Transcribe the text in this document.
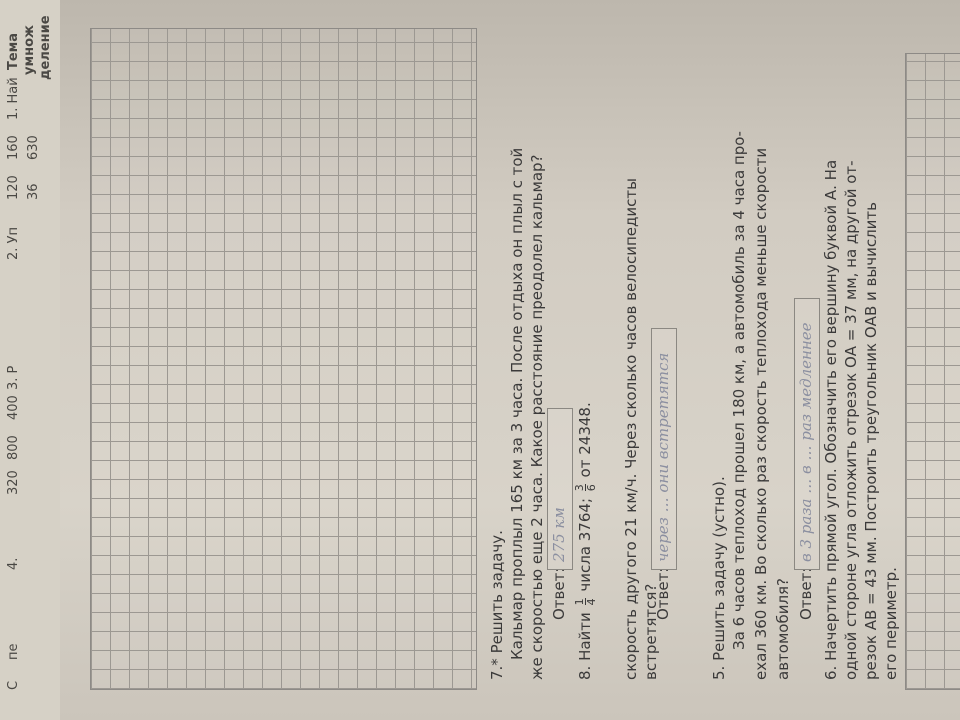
Тема умнож деление
1. Най
160 630
120 36
2. Уп
3. Р
400
800
320
4.
пе
С
скорость другого 21 км/ч. Через сколько часов велосипедисты встретятся?
Ответ:
через … они встретятся
5. Решить задачу (устно). За 6 часов теплоход прошел 180 км, а автомобиль за 4 часа про- ехал 360 км. Во сколько раз скорость теплохода меньше скорости автомобиля? Ответ:
в 3 раза … в … раз медленнее 6. Начертить прямой угол. Обозначить его вершину буквой А. На одной стороне угла отложить отрезок ОА = 37 мм, на другой от- резок АВ = 43 мм. Построить треугольник ОАВ и вычислить его периметр.
7.* Решить задачу. Кальмар проплыл 165 км за 3 часа. После отдыха он плыл с той же скоростью еще 2 часа. Какое расстояние преодолел кальмар? Ответ:
275 км
8. Найти
1 4
числа 3764;
3 6
от 24348.
